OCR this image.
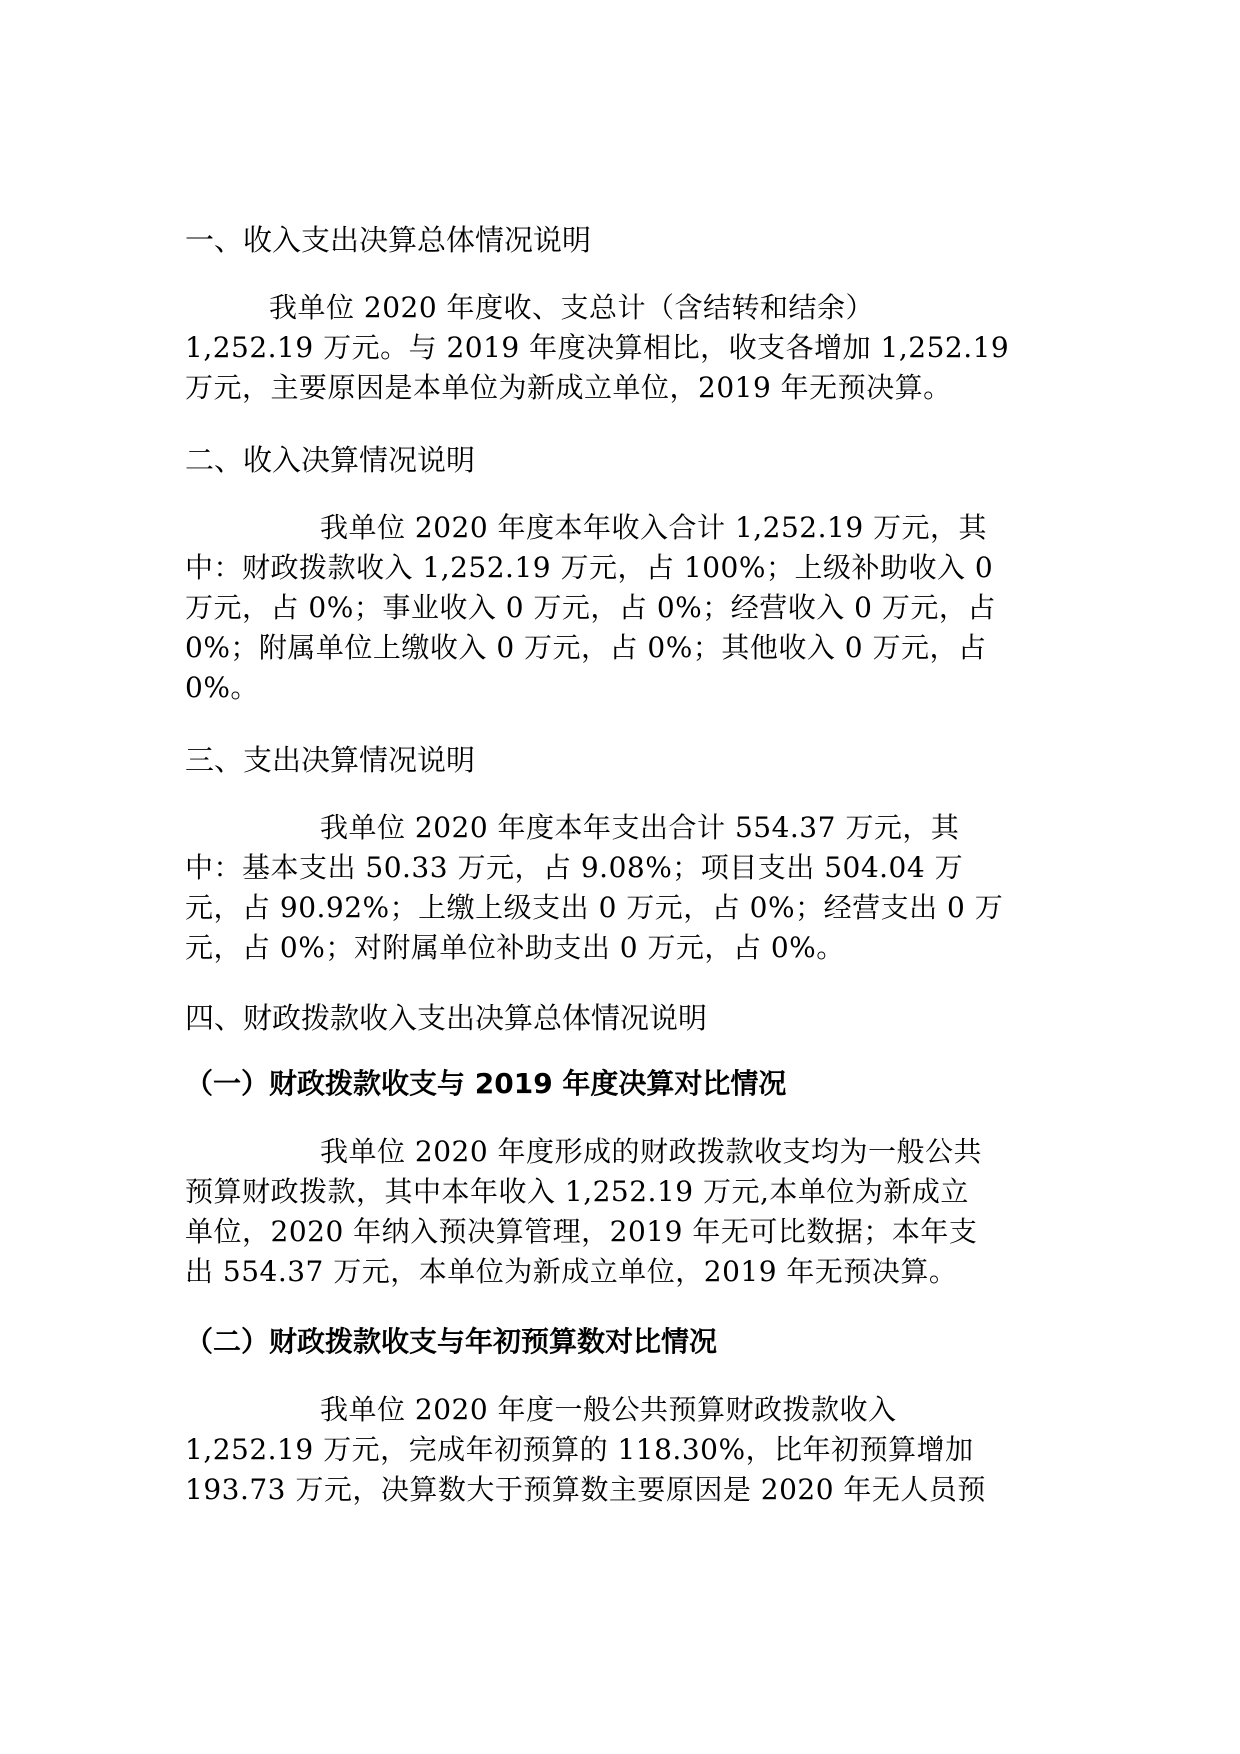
一、收入支出决算总体情况说明
我单位 2020 年度收、支总计（含结转和结余）
1,252.19 万元。与 2019 年度决算相比，收支各增加 1,252.19
万元，主要原因是本单位为新成立单位，2019 年无预决算。
二、收入决算情况说明
我单位 2020 年度本年收入合计 1,252.19 万元，其
中：财政拨款收入 1,252.19 万元，占 100%；上级补助收入 0
万元，占 0%；事业收入 0 万元，占 0%；经营收入 0 万元，占
0%；附属单位上缴收入 0 万元，占 0%；其他收入 0 万元，占
0%。
三、支出决算情况说明
我单位 2020 年度本年支出合计 554.37 万元，其
中：基本支出 50.33 万元，占 9.08%；项目支出 504.04 万
元，占 90.92%；上缴上级支出 0 万元，占 0%；经营支出 0 万
元，占 0%；对附属单位补助支出 0 万元，占 0%。
四、财政拨款收入支出决算总体情况说明
（一）财政拨款收支与 2019 年度决算对比情况
我单位 2020 年度形成的财政拨款收支均为一般公共
预算财政拨款，其中本年收入 1,252.19 万元,本单位为新成立
单位，2020 年纳入预决算管理，2019 年无可比数据；本年支
出 554.37 万元，本单位为新成立单位，2019 年无预决算。
（二）财政拨款收支与年初预算数对比情况
我单位 2020 年度一般公共预算财政拨款收入
1,252.19 万元，完成年初预算的 118.30%，比年初预算增加
193.73 万元，决算数大于预算数主要原因是 2020 年无人员预
